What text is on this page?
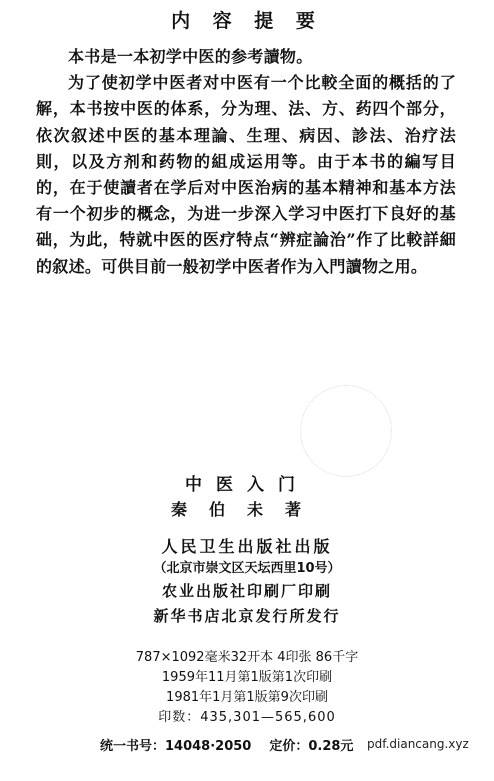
内 容 提 要

本书是一本初学中医的参考讀物。

为了使初学中医者对中医有一个比較全面的概括的了解，本书按中医的体系，分为理、法、方、药四个部分，依次叙述中医的基本理論、生理、病因、診法、治疗法則，以及方剂和药物的組成运用等。由于本书的編写目的，在于使讀者在学后对中医治病的基本精神和基本方法有一个初步的概念，为进一步深入学习中医打下良好的基础，为此，特就中医的医疗特点“辨症論治”作了比較詳細的叙述。可供目前一般初学中医者作为入門讀物之用。

中医入门
秦伯未著
人民卫生出版社出版
（北京市崇文区天坛西里10号）
农业出版社印刷厂印刷
新华书店北京发行所发行
787×1092毫米32开本 4印张 86千字
1959年11月第1版第1次印刷
1981年1月第1版第9次印刷
印数：435,301—565,600
统一书号：14048·2050 定价：0.28元 pdf.diancang.xyz
